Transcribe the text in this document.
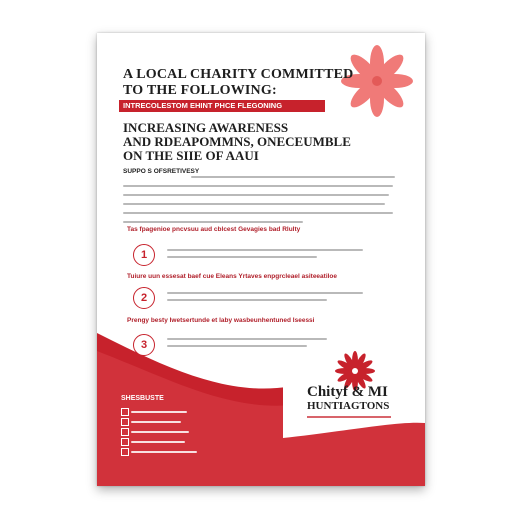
A LOCAL CHARITY COMMITTED
TO THE FOLLOWING:
INTRECOLESTOM EHINT PHCE FLEGONING
INCREASING AWARENESS
AND RDEAPOMMNS, ONECEUMBLE
ON THE SIIE OF AAUI
SUPPO S OFSRETIVESY
Tas fpagenioe pncvsuu aud cblcest Gevagies bad Rlulty
1
Tuiure uun essesat baef cue Eleans Yrtaves enpgrcleael asiteeatiloe
2
Prengy besty Iwetsertunde et laby wasbeunhentuned Iseessi
3
SHESBUSTE	Chityf & MI
HUNTIAGTONS
